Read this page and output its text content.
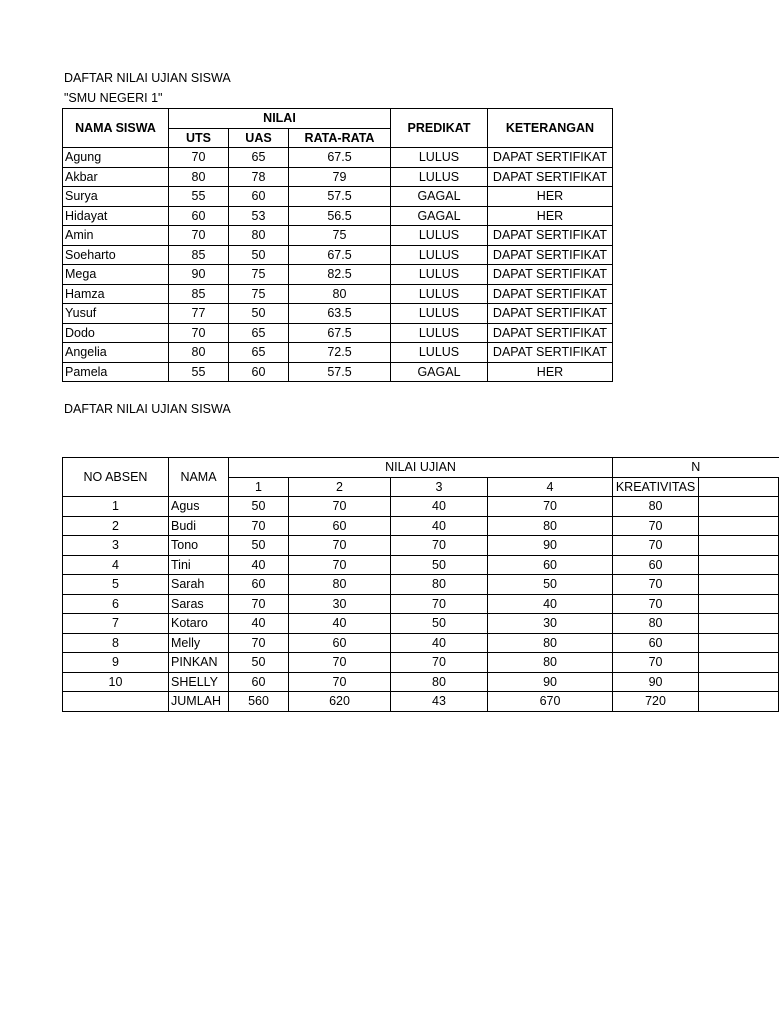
DAFTAR NILAI UJIAN SISWA
"SMU NEGERI 1"
NAMA SISWA	NILAI			PREDIKAT	KETERANGAN
	UTS	UAS	RATA-RATA		
Agung	70	65	67.5	LULUS	DAPAT SERTIFIKAT
Akbar	80	78	79	LULUS	DAPAT SERTIFIKAT
Surya	55	60	57.5	GAGAL	HER
Hidayat	60	53	56.5	GAGAL	HER
Amin	70	80	75	LULUS	DAPAT SERTIFIKAT
Soeharto	85	50	67.5	LULUS	DAPAT SERTIFIKAT
Mega	90	75	82.5	LULUS	DAPAT SERTIFIKAT
Hamza	85	75	80	LULUS	DAPAT SERTIFIKAT
Yusuf	77	50	63.5	LULUS	DAPAT SERTIFIKAT
Dodo	70	65	67.5	LULUS	DAPAT SERTIFIKAT
Angelia	80	65	72.5	LULUS	DAPAT SERTIFIKAT
Pamela	55	60	57.5	GAGAL	HER
DAFTAR NILAI UJIAN SISWA
NO ABSEN	NAMA	NILAI UJIAN				N	
		1	2	3	4	KREATIVITAS	
1	Agus	50	70	40	70	80	
2	Budi	70	60	40	80	70	
3	Tono	50	70	70	90	70	
4	Tini	40	70	50	60	60	
5	Sarah	60	80	80	50	70	
6	Saras	70	30	70	40	70	
7	Kotaro	40	40	50	30	80	
8	Melly	70	60	40	80	60	
9	PINKAN	50	70	70	80	70	
10	SHELLY	60	70	80	90	90	
	JUMLAH	560	620	43	670	720	
